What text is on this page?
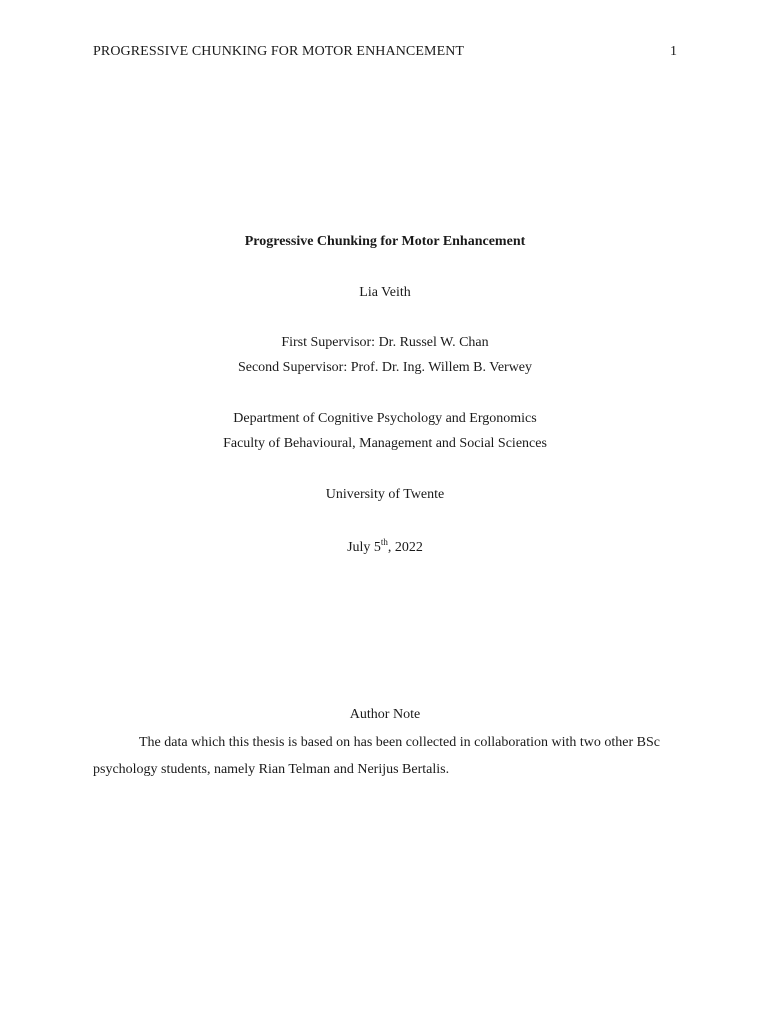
PROGRESSIVE CHUNKING FOR MOTOR ENHANCEMENT	1
Progressive Chunking for Motor Enhancement
Lia Veith
First Supervisor: Dr. Russel W. Chan
Second Supervisor: Prof. Dr. Ing. Willem B. Verwey
Department of Cognitive Psychology and Ergonomics
Faculty of Behavioural, Management and Social Sciences
University of Twente
July 5th, 2022
Author Note
The data which this thesis is based on has been collected in collaboration with two other BSc psychology students, namely Rian Telman and Nerijus Bertalis.
